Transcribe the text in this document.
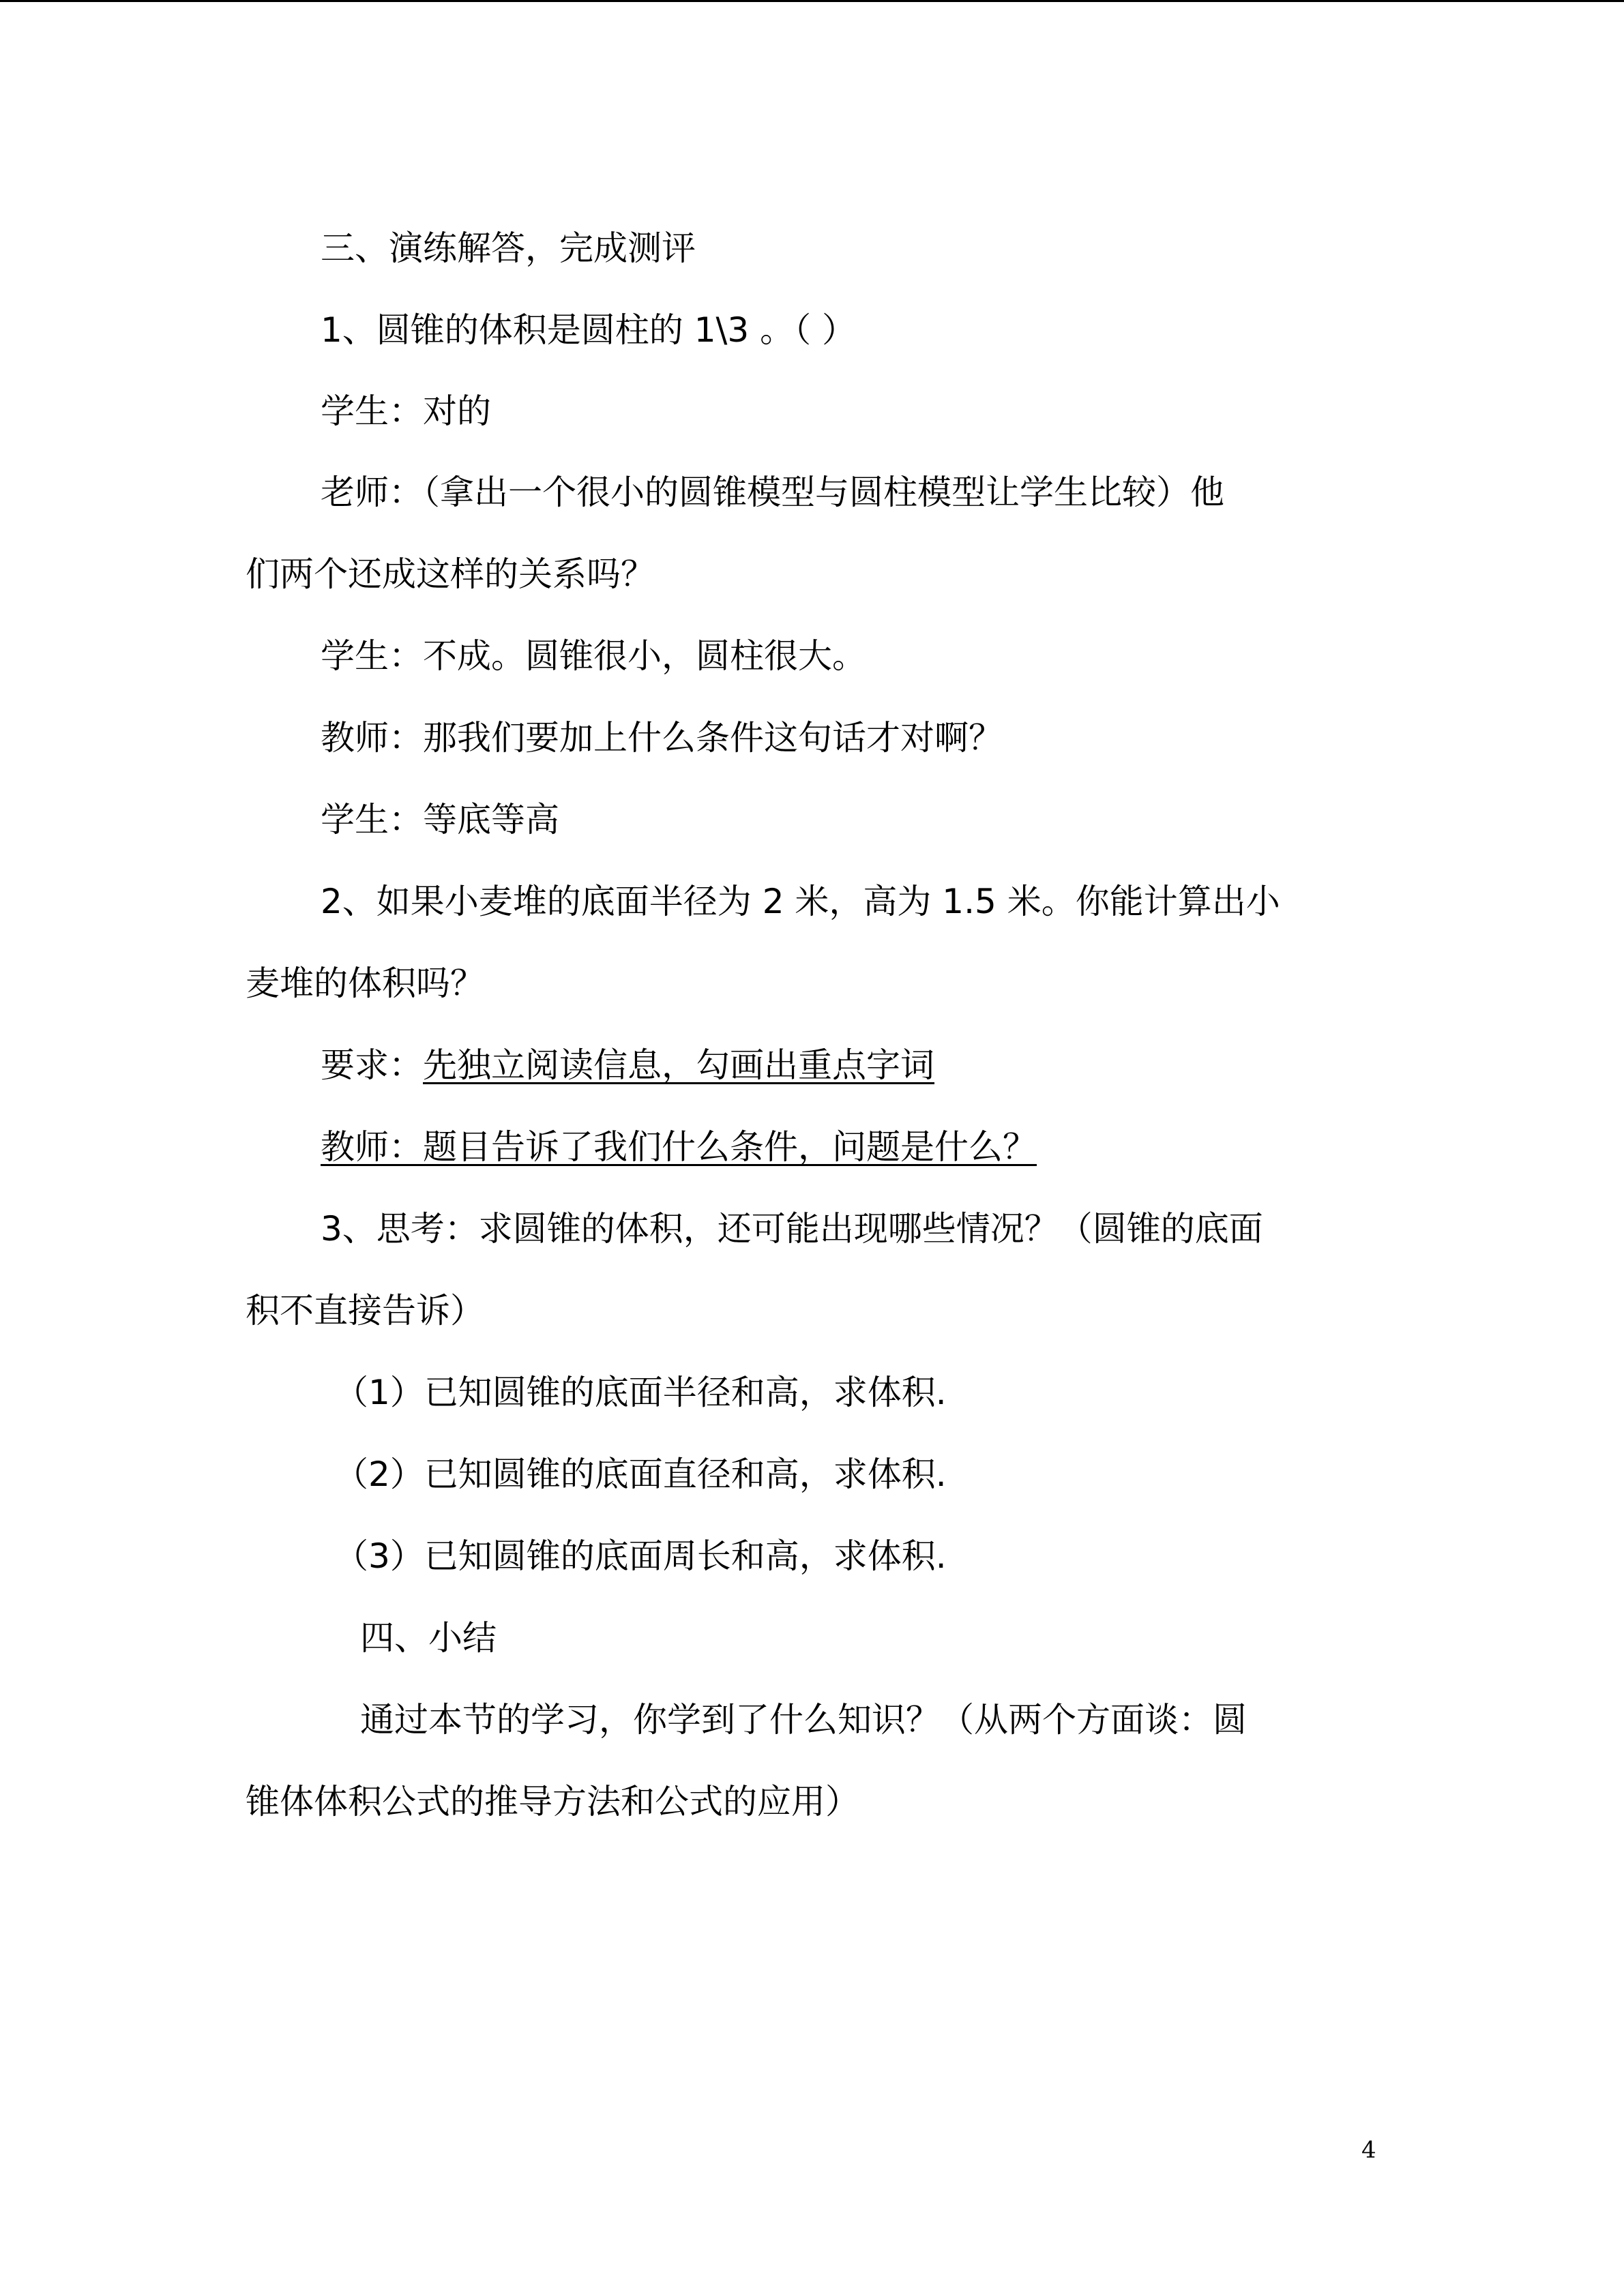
三、演练解答，完成测评
1、圆锥的体积是圆柱的 1\3 。（ ）
学生：对的
老师：（拿出一个很小的圆锥模型与圆柱模型让学生比较）他
们两个还成这样的关系吗？
学生：不成。圆锥很小，圆柱很大。
教师：那我们要加上什么条件这句话才对啊？
学生：等底等高
2、如果小麦堆的底面半径为 2 米，高为 1.5 米。你能计算出小
麦堆的体积吗？
要求：先独立阅读信息，勾画出重点字词
教师：题目告诉了我们什么条件，问题是什么？
3、思考：求圆锥的体积，还可能出现哪些情况？（圆锥的底面
积不直接告诉）
（1）已知圆锥的底面半径和高，求体积.
（2）已知圆锥的底面直径和高，求体积.
（3）已知圆锥的底面周长和高，求体积.
四、小结
通过本节的学习，你学到了什么知识？（从两个方面谈：圆
锥体体积公式的推导方法和公式的应用）
4
